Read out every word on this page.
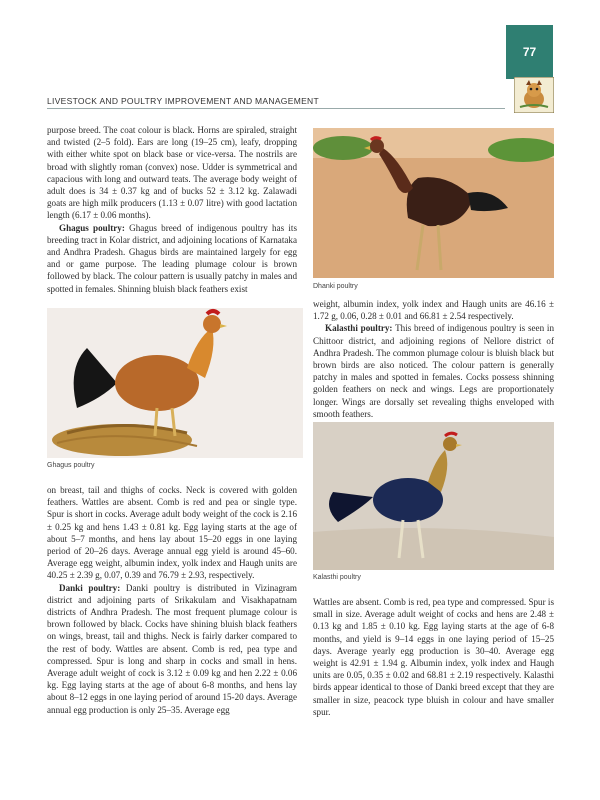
77
LIVESTOCK AND POULTRY IMPROVEMENT AND MANAGEMENT

purpose breed. The coat colour is black. Horns are spiraled, straight and twisted (2–5 fold). Ears are long (19–25 cm), leafy, dropping with either white spot on black base or vice-versa. The nostrils are broad with slightly roman (convex) nose. Udder is symmetrical and capacious with long and outward teats. The average body weight of adult does is 34 ± 0.37 kg and of bucks 52 ± 3.12 kg. Zalawadi goats are high milk producers (1.13 ± 0.07 litre) with good lactation length (6.17 ± 0.06 months).

Ghagus poultry: Ghagus breed of indigenous poultry has its breeding tract in Kolar district, and adjoining locations of Karnataka and Andhra Pradesh. Ghagus birds are maintained largely for egg and or game purpose. The leading plumage colour is brown followed by black. The colour pattern is usually patchy in males and spotted in females. Shinning bluish black feathers exist

Ghagus poultry

on breast, tail and thighs of cocks. Neck is covered with golden feathers. Wattles are absent. Comb is red and pea or single type. Spur is short in cocks. Average adult body weight of the cock is 2.16 ± 0.25 kg and hens 1.43 ± 0.81 kg. Egg laying starts at the age of about 5–7 months, and hens lay about 15–20 eggs in one laying period of 20–26 days. Average annual egg yield is around 45–60. Average egg weight, albumin index, yolk index and Haugh units are 40.25 ± 2.39 g, 0.07, 0.39 and 76.79 ± 2.93, respectively.

Danki poultry: Danki poultry is distributed in Vizinagram district and adjoining parts of Srikakulam and Visakhapatnam districts of Andhra Pradesh. The most frequent plumage colour is brown followed by black. Cocks have shining bluish black feathers on wings, breast, tail and thighs. Neck is fairly darker compared to the rest of body. Wattles are absent. Comb is red, pea type and compressed. Spur is long and sharp in cocks and small in hens. Average adult weight of cock is 3.12 ± 0.09 kg and hen 2.22 ± 0.06 kg. Egg laying starts at the age of about 6-8 months, and hens lay about 8–12 eggs in one laying period of around 15-20 days. Average annual egg production is only 25–35. Average egg

Dhanki poultry

weight, albumin index, yolk index and Haugh units are 46.16 ± 1.72 g, 0.06, 0.28 ± 0.01 and 66.81 ± 2.54 respectively.

Kalasthi poultry: This breed of indigenous poultry is seen in Chittoor district, and adjoining regions of Nellore district of Andhra Pradesh. The common plumage colour is bluish black but brown birds are also noticed. The colour pattern is generally patchy in males and spotted in females. Cocks possess shinning golden feathers on neck and wings. Legs are proportionately longer. Wings are dorsally set revealing thighs enveloped with smooth feathers.

Kalasthi poultry

Wattles are absent. Comb is red, pea type and compressed. Spur is small in size. Average adult weight of cocks and hens are 2.48 ± 0.13 kg and 1.85 ± 0.10 kg. Egg laying starts at the age of 6-8 months, and yield is 9–14 eggs in one laying period of 15–25 days. Average yearly egg production is 30–40. Average egg weight is 42.91 ± 1.94 g. Albumin index, yolk index and Haugh units are 0.05, 0.35 ± 0.02 and 68.81 ± 2.19 respectively. Kalasthi birds appear identical to those of Danki breed except that they are smaller in size, peacock type bluish in colour and have smaller spur.
